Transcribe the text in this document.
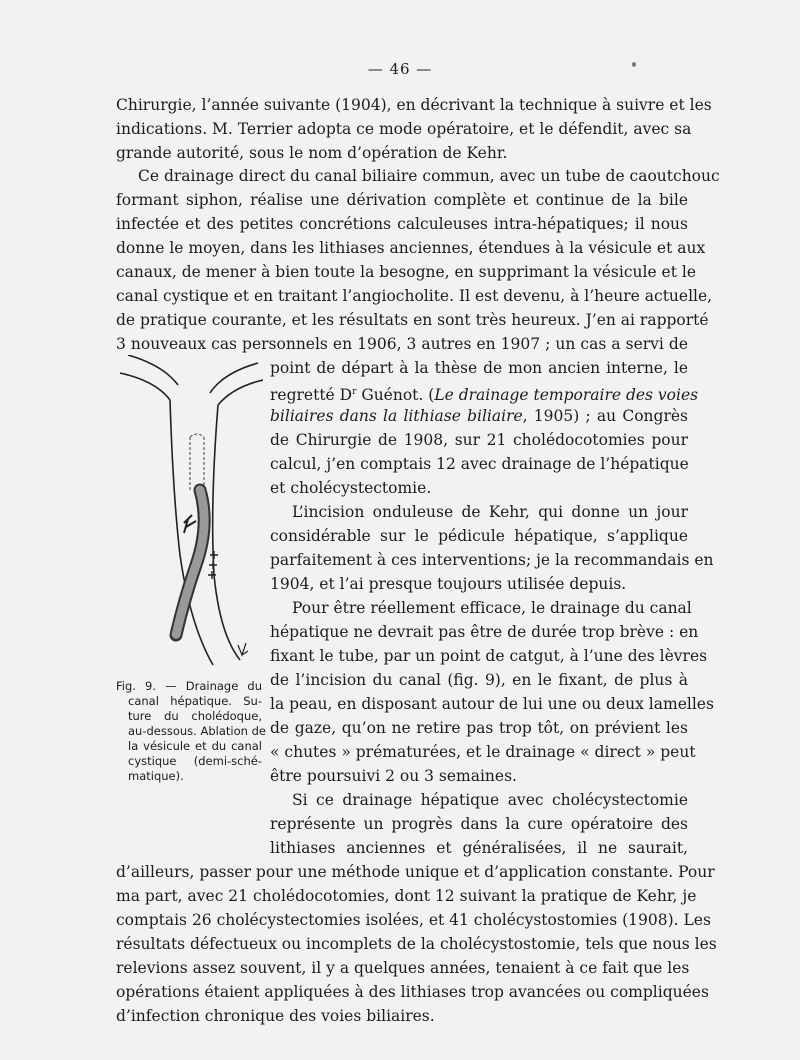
— 46 —
Chirurgie, l’année suivante (1904), en décrivant la technique à suivre et les
indications. M. Terrier adopta ce mode opératoire, et le défendit, avec sa
grande autorité, sous le nom d’opération de Kehr.
Ce drainage direct du canal biliaire commun, avec un tube de caoutchouc
formant siphon, réalise une dérivation complète et continue de la bile
infectée et des petites concrétions calculeuses intra-hépatiques; il nous
donne le moyen, dans les lithiases anciennes, étendues à la vésicule et aux
canaux, de mener à bien toute la besogne, en supprimant la vésicule et le
canal cystique et en traitant l’angiocholite. Il est devenu, à l’heure actuelle,
de pratique courante, et les résultats en sont très heureux. J’en ai rapporté
3 nouveaux cas personnels en 1906, 3 autres en 1907 ; un cas a servi de
point de départ à la thèse de mon ancien interne, le
regretté $D^r$ Guénot. (Le drainage temporaire des voies
biliaires dans la lithiase biliaire, 1905) ; au Congrès
de Chirurgie de 1908, sur 21 cholédocotomies pour
calcul, j’en comptais 12 avec drainage de l’hépatique
et cholécystectomie.
L’incision onduleuse de Kehr, qui donne un jour
considérable sur le pédicule hépatique, s’applique
parfaitement à ces interventions; je la recommandais en
1904, et l’ai presque toujours utilisée depuis.
Pour être réellement efficace, le drainage du canal
hépatique ne devrait pas être de durée trop brève : en
fixant le tube, par un point de catgut, à l’une des lèvres
de l’incision du canal (fig. 9), en le fixant, de plus à
la peau, en disposant autour de lui une ou deux lamelles
de gaze, qu’on ne retire pas trop tôt, on prévient les
« chutes » prématurées, et le drainage « direct » peut
être poursuivi 2 ou 3 semaines.
Si ce drainage hépatique avec cholécystectomie
représente un progrès dans la cure opératoire des
lithiases anciennes et généralisées, il ne saurait,
d’ailleurs, passer pour une méthode unique et d’application constante. Pour
ma part, avec 21 cholédocotomies, dont 12 suivant la pratique de Kehr, je
comptais 26 cholécystectomies isolées, et 41 cholécystostomies (1908). Les
résultats défectueux ou incomplets de la cholécystostomie, tels que nous les
relevions assez souvent, il y a quelques années, tenaient à ce fait que les
opérations étaient appliquées à des lithiases trop avancées ou compliquées
d’infection chronique des voies biliaires.
Fig. 9. — Drainage du
canal hépatique. Su-
ture du cholédoque,
au-dessous. Ablation de
la vésicule et du canal
cystique (demi-sché-
matique).
